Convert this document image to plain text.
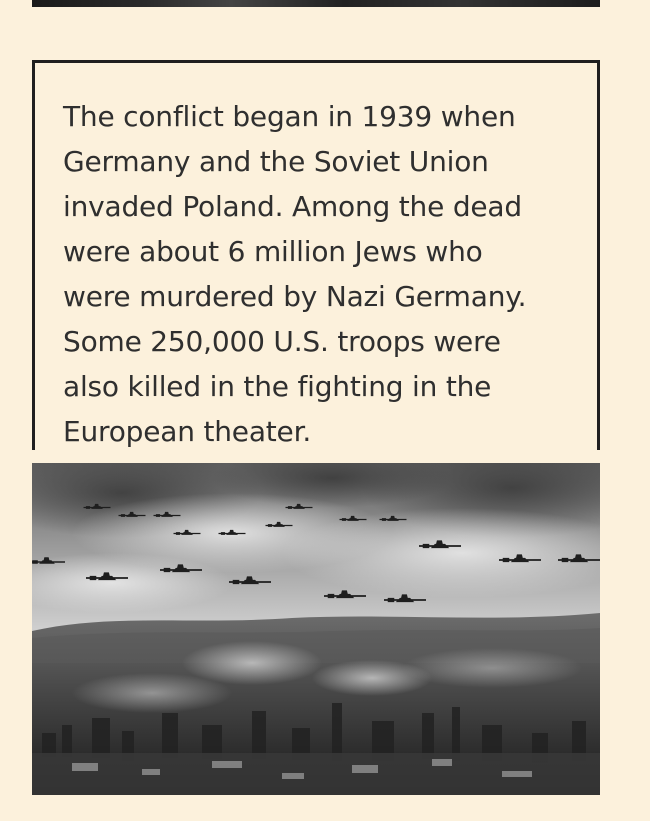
The conflict began in 1939 when Germany and the Soviet Union invaded Poland. Among the dead were about 6 million Jews who were murdered by Nazi Germany. Some 250,000 U.S. troops were also killed in the fighting in the European theater.
